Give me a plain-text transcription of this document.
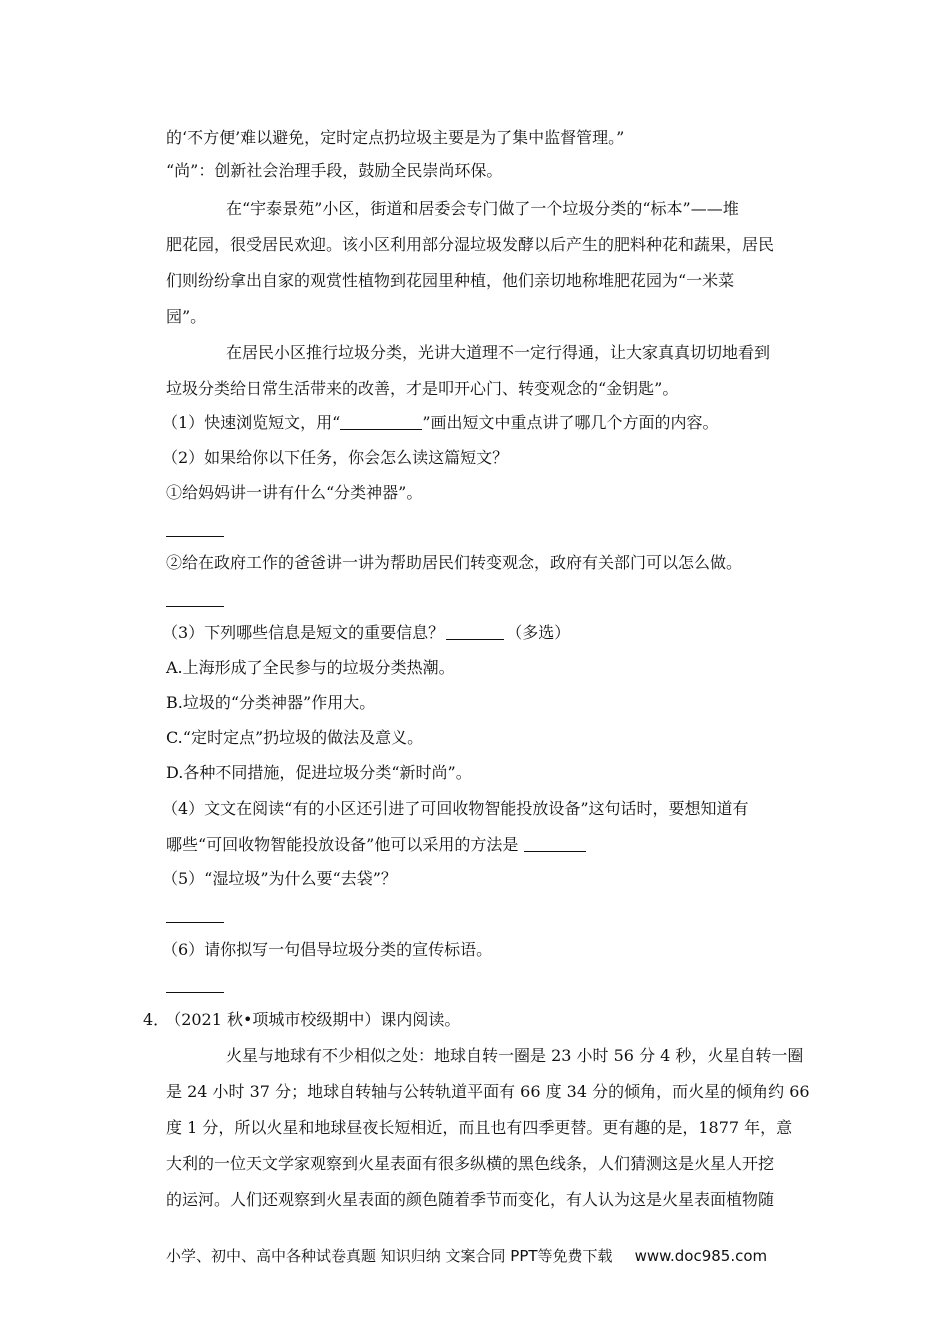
的‘不方便’难以避免，定时定点扔垃圾主要是为了集中监督管理。”
“尚”：创新社会治理手段，鼓励全民崇尚环保。
在“宇泰景苑”小区，街道和居委会专门做了一个垃圾分类的“标本”——堆
肥花园，很受居民欢迎。该小区利用部分湿垃圾发酵以后产生的肥料种花和蔬果，居民
们则纷纷拿出自家的观赏性植物到花园里种植，他们亲切地称堆肥花园为“一米菜
园”。
在居民小区推行垃圾分类，光讲大道理不一定行得通，让大家真真切切地看到
垃圾分类给日常生活带来的改善，才是叩开心门、转变观念的“金钥匙”。
（1）快速浏览短文，用“	”画出短文中重点讲了哪几个方面的内容。
（2）如果给你以下任务，你会怎么读这篇短文？
①给妈妈讲一讲有什么“分类神器”。
②给在政府工作的爸爸讲一讲为帮助居民们转变观念，政府有关部门可以怎么做。
（3）下列哪些信息是短文的重要信息？	（多选）
A.上海形成了全民参与的垃圾分类热潮。
B.垃圾的“分类神器”作用大。
C.“定时定点”扔垃圾的做法及意义。
D.各种不同措施，促进垃圾分类“新时尚”。
（4）文文在阅读“有的小区还引进了可回收物智能投放设备”这句话时，要想知道有
哪些“可回收物智能投放设备”他可以采用的方法是
（5）“湿垃圾”为什么要“去袋”？
（6）请你拟写一句倡导垃圾分类的宣传标语。
4． （2021 秋•项城市校级期中）课内阅读。
火星与地球有不少相似之处：地球自转一圈是 23 小时 56 分 4 秒，火星自转一圈
是 24 小时 37 分；地球自转轴与公转轨道平面有 66 度 34 分的倾角，而火星的倾角约 66
度 1 分，所以火星和地球昼夜长短相近，而且也有四季更替。更有趣的是，1877 年，意
大利的一位天文学家观察到火星表面有很多纵横的黑色线条，人们猜测这是火星人开挖
的运河。人们还观察到火星表面的颜色随着季节而变化，有人认为这是火星表面植物随
小学、初中、高中各种试卷真题 知识归纳 文案合同 PPT等免费下载 www.doc985.com
